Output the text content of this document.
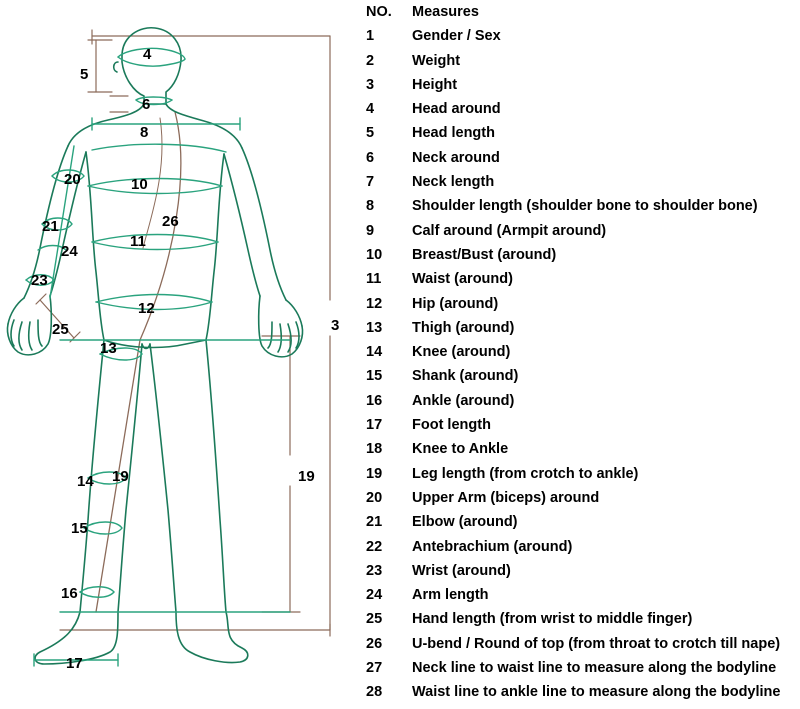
4
5
6
8
20	10
26
21
24
11
23
12
3
25
13
19
14	19
15
16
17
NO.	Measures
1	Gender / Sex
2	Weight
3	Height
4	Head around
5	Head length
6	Neck around
7	Neck length
8	Shoulder length (shoulder bone to shoulder bone)
9	Calf around (Armpit around)
10	Breast/Bust (around)
11	Waist (around)
12	Hip (around)
13	Thigh (around)
14	Knee (around)
15	Shank (around)
16	Ankle (around)
17	Foot length
18	Knee to Ankle
19	Leg length (from crotch to ankle)
20	Upper Arm (biceps) around
21	Elbow (around)
22	Antebrachium (around)
23	Wrist (around)
24	Arm length
25	Hand length (from wrist to middle finger)
26	U-bend / Round of top (from throat to crotch till nape)
27	Neck line to waist line to measure along the bodyline
28	Waist line to ankle line to measure along the bodyline
